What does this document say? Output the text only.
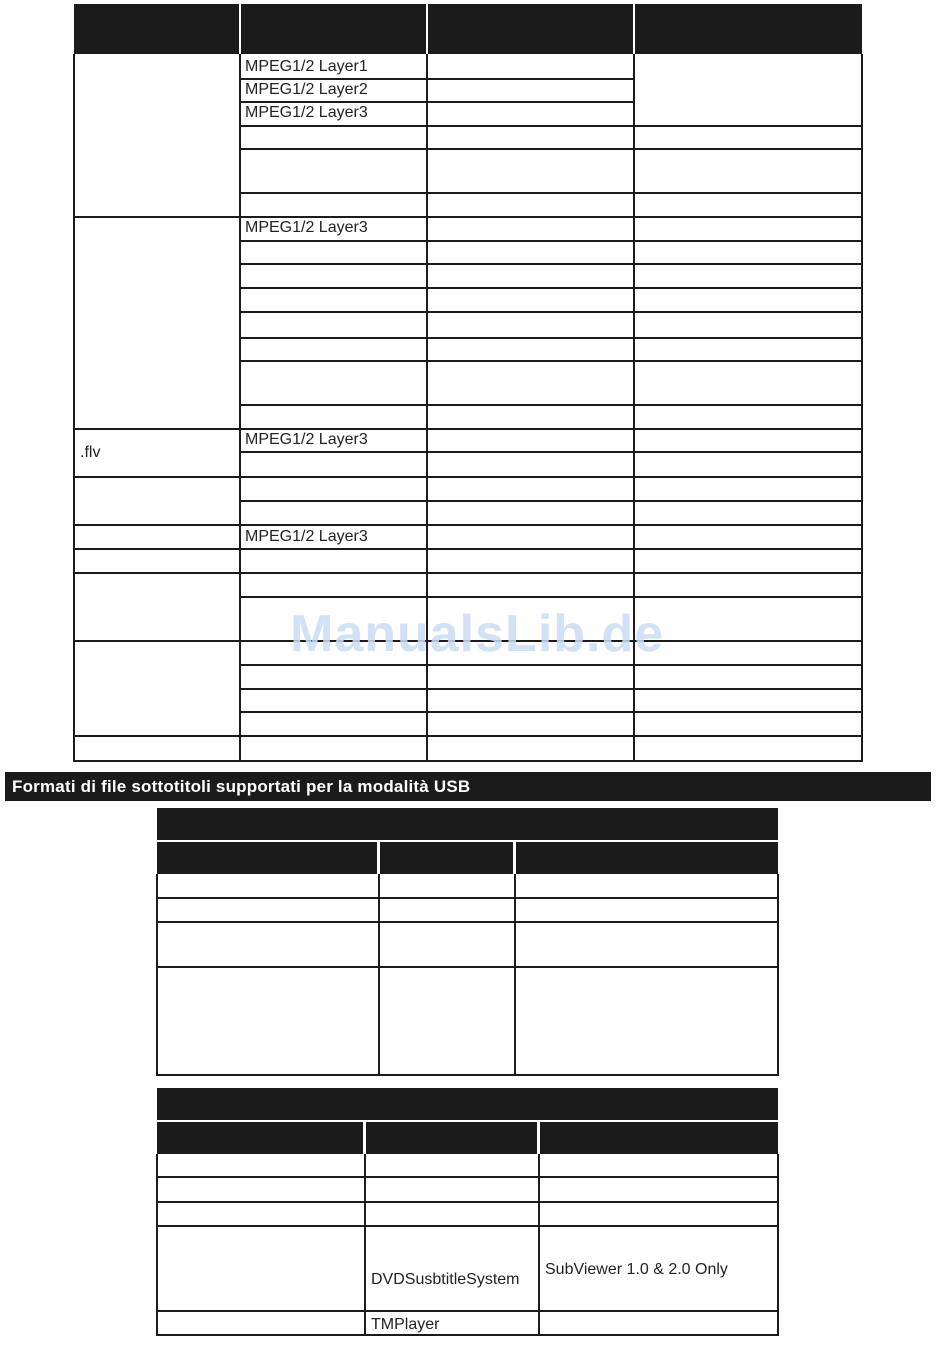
MPEG1/2 Layer1
MPEG1/2 Layer2
MPEG1/2 Layer3
MPEG1/2 Layer3
.flv
MPEG1/2 Layer3
MPEG1/2 Layer3
ManualsLib.de
Formati di file sottotitoli supportati per la modalità USB
DVDSusbtitleSystem
SubViewer 1.0 & 2.0 Only
TMPlayer
